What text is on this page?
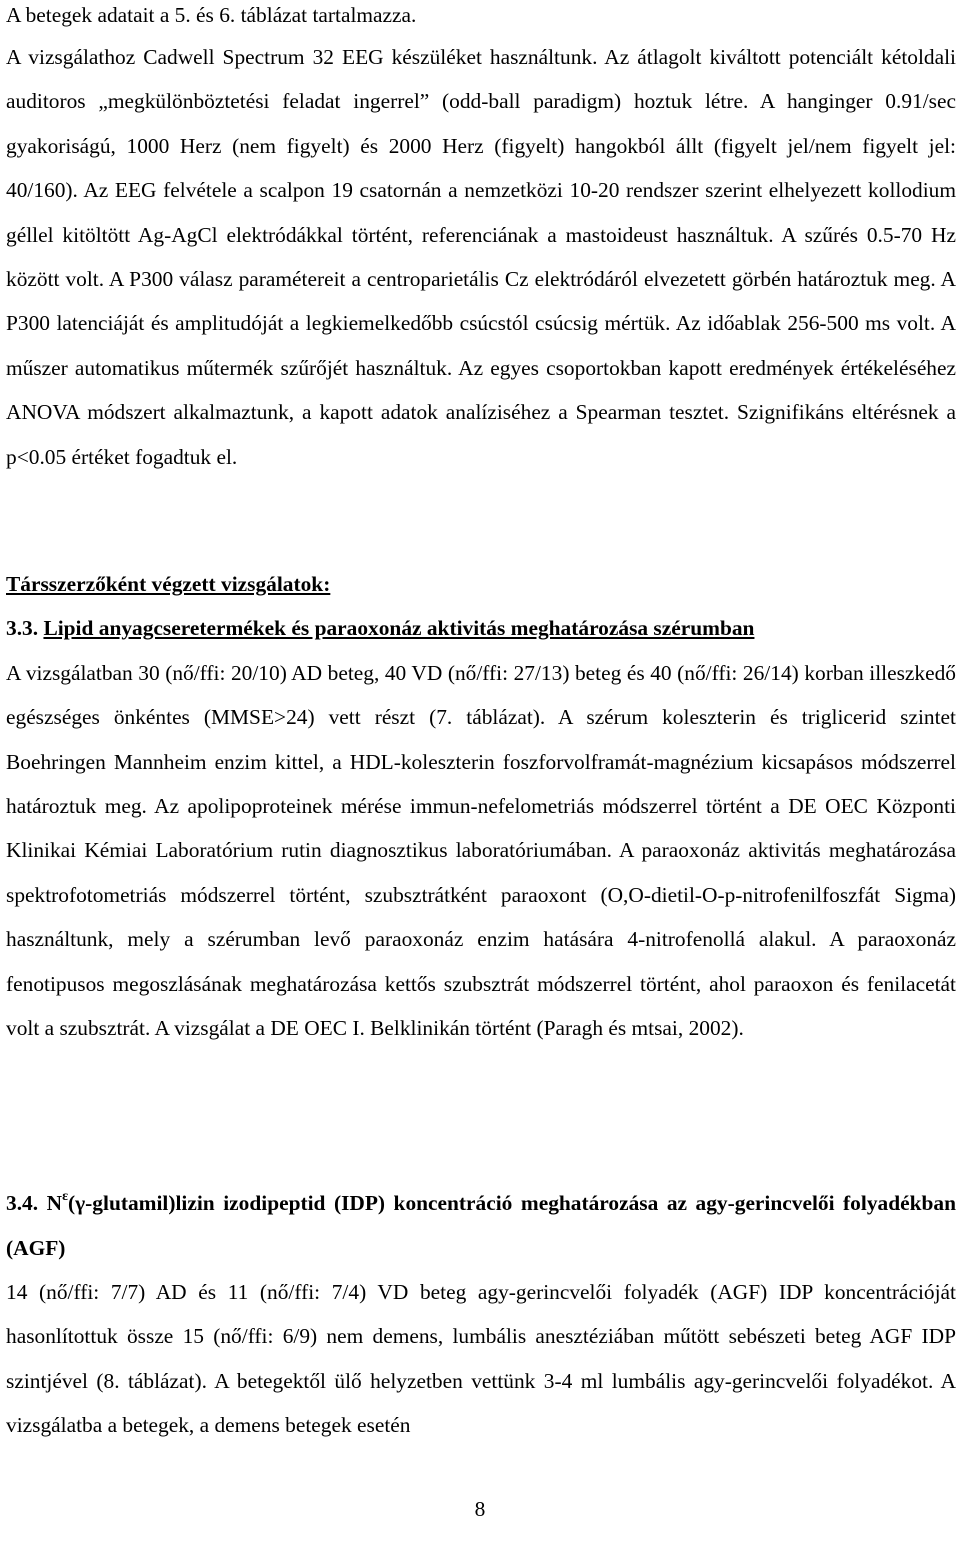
A betegek adatait a 5. és 6. táblázat tartalmazza.

A vizsgálathoz Cadwell Spectrum 32 EEG készüléket használtunk. Az átlagolt kiváltott potenciált kétoldali auditoros „megkülönböztetési feladat ingerrel” (odd-ball paradigm) hoztuk létre. A hanginger 0.91/sec gyakoriságú, 1000 Herz (nem figyelt) és 2000 Herz (figyelt) hangokból állt (figyelt jel/nem figyelt jel: 40/160). Az EEG felvétele a scalpon 19 csatornán a nemzetközi 10-20 rendszer szerint elhelyezett kollodium géllel kitöltött Ag-AgCl elektródákkal történt, referenciának a mastoideust használtuk. A szűrés 0.5-70 Hz között volt. A P300 válasz paramétereit a centroparietális Cz elektródáról elvezetett görbén határoztuk meg. A P300 latenciáját és amplitudóját a legkiemelkedőbb csúcstól csúcsig mértük. Az időablak 256-500 ms volt. A műszer automatikus műtermék szűrőjét használtuk. Az egyes csoportokban kapott eredmények értékeléséhez ANOVA módszert alkalmaztunk, a kapott adatok analíziséhez a Spearman tesztet. Szignifikáns eltérésnek a p<0.05 értéket fogadtuk el.

Társszerzőként végzett vizsgálatok:

3.3. Lipid anyagcseretermékek és paraoxonáz aktivitás meghatározása szérumban

A vizsgálatban 30 (nő/ffi: 20/10) AD beteg, 40 VD (nő/ffi: 27/13) beteg és 40 (nő/ffi: 26/14) korban illeszkedő egészséges önkéntes (MMSE>24) vett részt (7. táblázat). A szérum koleszterin és triglicerid szintet Boehringen Mannheim enzim kittel, a HDL-koleszterin foszforvolframát-magnézium kicsapásos módszerrel határoztuk meg. Az apolipoproteinek mérése immun-nefelometriás módszerrel történt a DE OEC Központi Klinikai Kémiai Laboratórium rutin diagnosztikus laboratóriumában. A paraoxonáz aktivitás meghatározása spektrofotometriás módszerrel történt, szubsztrátként paraoxont (O,O-dietil-O-p-nitrofenilfoszfát Sigma) használtunk, mely a szérumban levő paraoxonáz enzim hatására 4-nitrofenollá alakul. A paraoxonáz fenotipusos megoszlásának meghatározása kettős szubsztrát módszerrel történt, ahol paraoxon és fenilacetát volt a szubsztrát. A vizsgálat a DE OEC I. Belklinikán történt (Paragh és mtsai, 2002).

3.4. $N^\varepsilon(\gamma-glutamil)lizin$ izodipeptid (IDP) koncentráció meghatározása az agy-gerincvelői folyadékban (AGF)

14 (nő/ffi: 7/7) AD és 11 (nő/ffi: 7/4) VD beteg agy-gerincvelői folyadék (AGF) IDP koncentrációját hasonlítottuk össze 15 (nő/ffi: 6/9) nem demens, lumbális anesztéziában műtött sebészeti beteg AGF IDP szintjével (8. táblázat). A betegektől ülő helyzetben vettünk 3-4 ml lumbális agy-gerincvelői folyadékot. A vizsgálatba a betegek, a demens betegek esetén

8
